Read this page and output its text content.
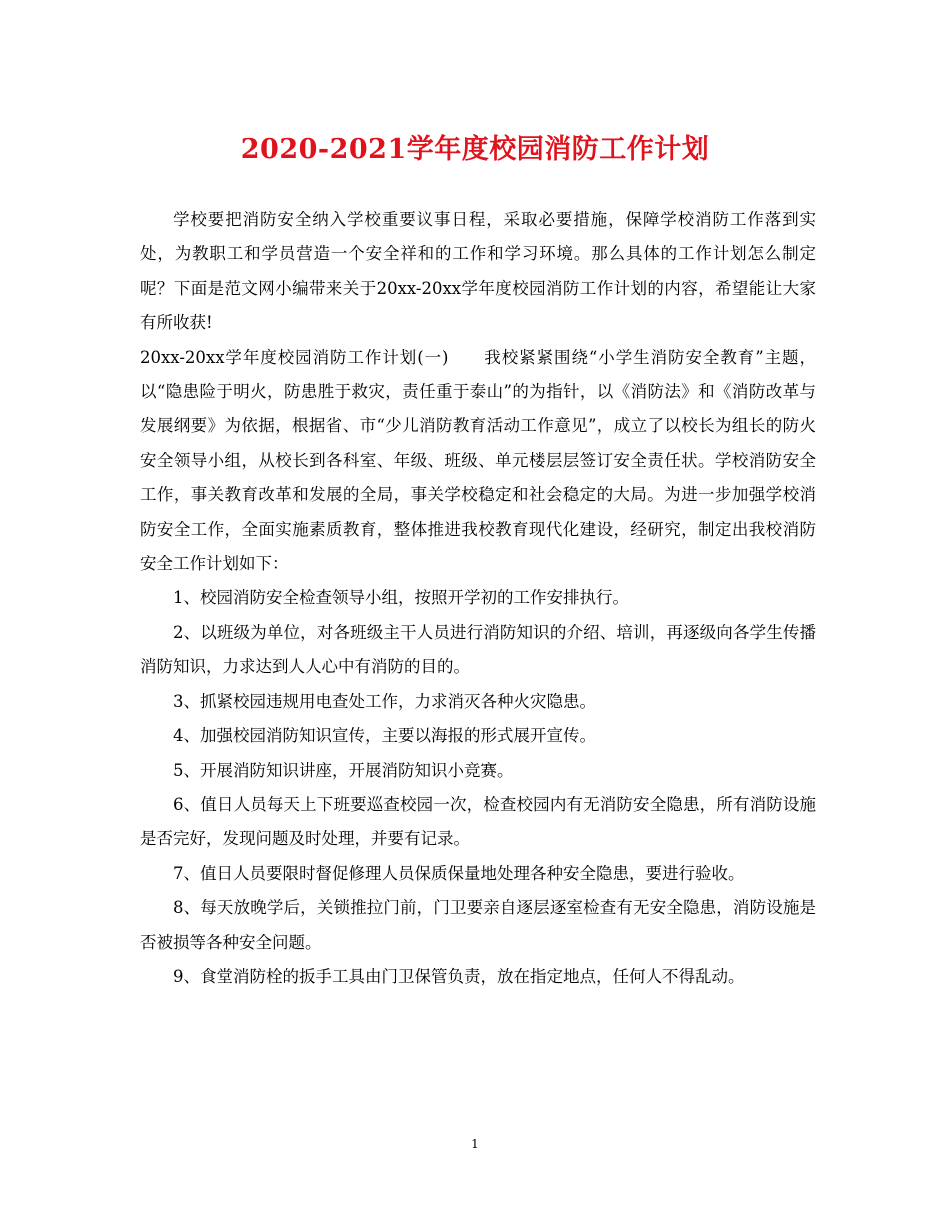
2020-2021学年度校园消防工作计划

学校要把消防安全纳入学校重要议事日程，采取必要措施，保障学校消防工作落到实处，为教职工和学员营造一个安全祥和的工作和学习环境。那么具体的工作计划怎么制定呢？下面是范文网小编带来关于20xx-20xx学年度校园消防工作计划的内容，希望能让大家有所收获!

20xx-20xx学年度校园消防工作计划(一)　　我校紧紧围绕“小学生消防安全教育”主题，以“隐患险于明火，防患胜于救灾，责任重于泰山”的为指针，以《消防法》和《消防改革与发展纲要》为依据，根据省、市“少儿消防教育活动工作意见”，成立了以校长为组长的防火安全领导小组，从校长到各科室、年级、班级、单元楼层层签订安全责任状。学校消防安全工作，事关教育改革和发展的全局，事关学校稳定和社会稳定的大局。为进一步加强学校消防安全工作，全面实施素质教育，整体推进我校教育现代化建设，经研究，制定出我校消防安全工作计划如下：

1、校园消防安全检查领导小组，按照开学初的工作安排执行。

2、以班级为单位，对各班级主干人员进行消防知识的介绍、培训，再逐级向各学生传播消防知识，力求达到人人心中有消防的目的。

3、抓紧校园违规用电查处工作，力求消灭各种火灾隐患。

4、加强校园消防知识宣传，主要以海报的形式展开宣传。

5、开展消防知识讲座，开展消防知识小竞赛。

6、值日人员每天上下班要巡查校园一次，检查校园内有无消防安全隐患，所有消防设施是否完好，发现问题及时处理，并要有记录。

7、值日人员要限时督促修理人员保质保量地处理各种安全隐患，要进行验收。

8、每天放晚学后，关锁推拉门前，门卫要亲自逐层逐室检查有无安全隐患，消防设施是否被损等各种安全问题。

9、食堂消防栓的扳手工具由门卫保管负责，放在指定地点，任何人不得乱动。

1
